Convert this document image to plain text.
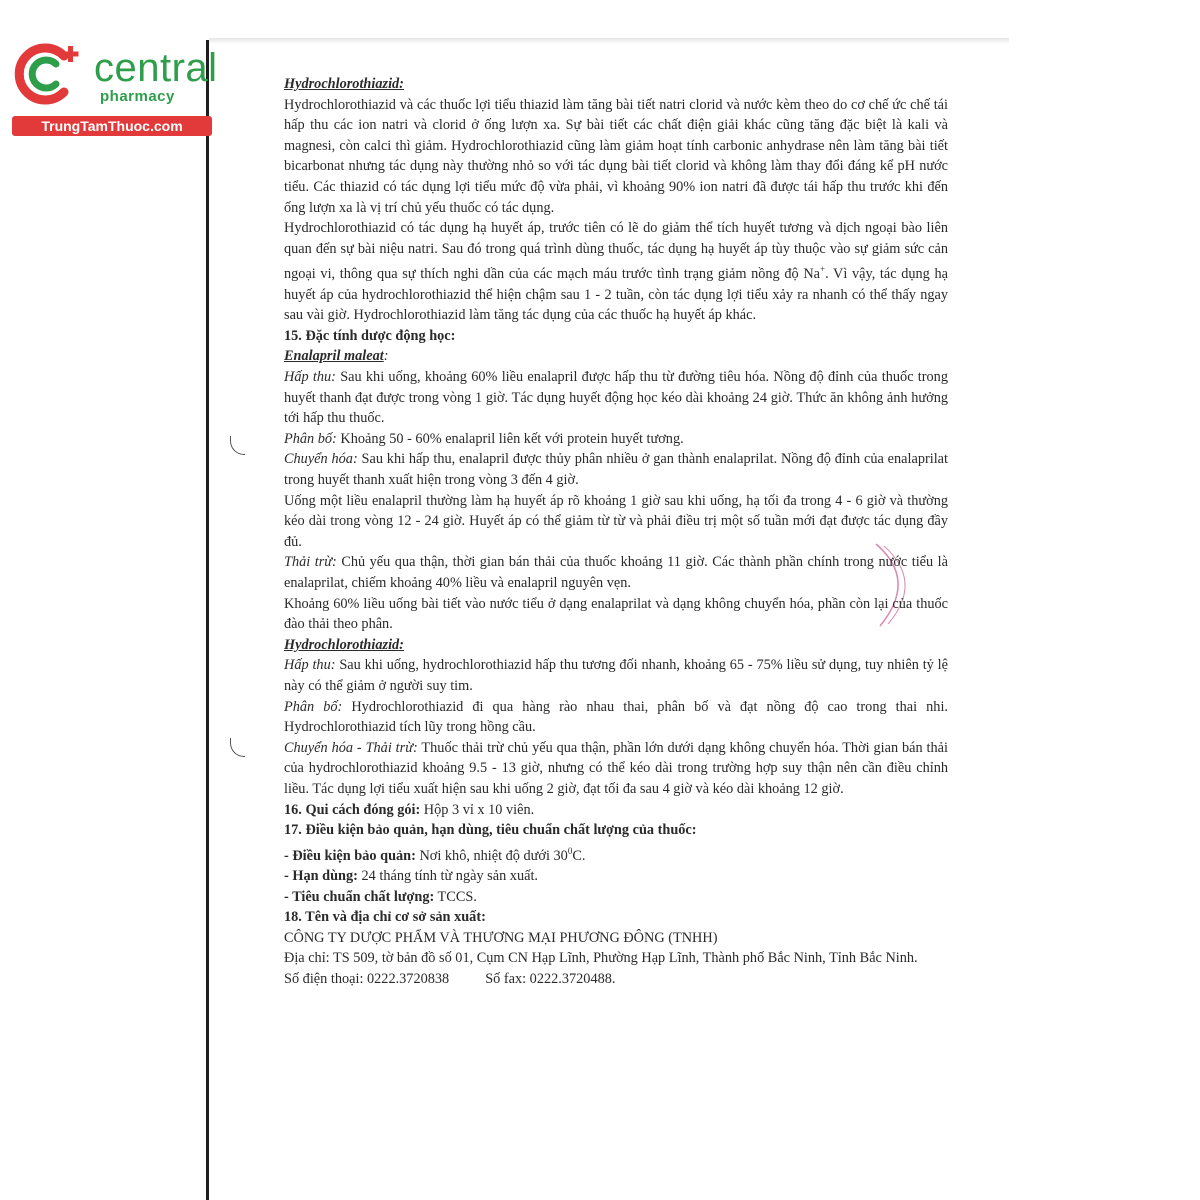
central
pharmacy
TrungTamThuoc.com

Hydrochlorothiazid:

Hydrochlorothiazid và các thuốc lợi tiểu thiazid làm tăng bài tiết natri clorid và nước kèm theo do cơ chế ức chế tái hấp thu các ion natri và clorid ở ống lượn xa. Sự bài tiết các chất điện giải khác cũng tăng đặc biệt là kali và magnesi, còn calci thì giảm. Hydrochlorothiazid cũng làm giảm hoạt tính carbonic anhydrase nên làm tăng bài tiết bicarbonat nhưng tác dụng này thường nhỏ so với tác dụng bài tiết clorid và không làm thay đổi đáng kể pH nước tiểu. Các thiazid có tác dụng lợi tiểu mức độ vừa phải, vì khoảng 90% ion natri đã được tái hấp thu trước khi đến ống lượn xa là vị trí chủ yếu thuốc có tác dụng.

Hydrochlorothiazid có tác dụng hạ huyết áp, trước tiên có lẽ do giảm thể tích huyết tương và dịch ngoại bào liên quan đến sự bài niệu natri. Sau đó trong quá trình dùng thuốc, tác dụng hạ huyết áp tùy thuộc vào sự giảm sức cản ngoại vi, thông qua sự thích nghi dần của các mạch máu trước tình trạng giảm nồng độ Na+. Vì vậy, tác dụng hạ huyết áp của hydrochlorothiazid thể hiện chậm sau 1 - 2 tuần, còn tác dụng lợi tiểu xảy ra nhanh có thể thấy ngay sau vài giờ. Hydrochlorothiazid làm tăng tác dụng của các thuốc hạ huyết áp khác.

15. Đặc tính dược động học:

Enalapril maleat:

Hấp thu: Sau khi uống, khoảng 60% liều enalapril được hấp thu từ đường tiêu hóa. Nồng độ đỉnh của thuốc trong huyết thanh đạt được trong vòng 1 giờ. Tác dụng huyết động học kéo dài khoảng 24 giờ. Thức ăn không ảnh hưởng tới hấp thu thuốc.

Phân bố: Khoảng 50 - 60% enalapril liên kết với protein huyết tương.

Chuyển hóa: Sau khi hấp thu, enalapril được thủy phân nhiều ở gan thành enalaprilat. Nồng độ đỉnh của enalaprilat trong huyết thanh xuất hiện trong vòng 3 đến 4 giờ.

Uống một liều enalapril thường làm hạ huyết áp rõ khoảng 1 giờ sau khi uống, hạ tối đa trong 4 - 6 giờ và thường kéo dài trong vòng 12 - 24 giờ. Huyết áp có thể giảm từ từ và phải điều trị một số tuần mới đạt được tác dụng đầy đủ.

Thải trừ: Chủ yếu qua thận, thời gian bán thải của thuốc khoảng 11 giờ. Các thành phần chính trong nước tiểu là enalaprilat, chiếm khoảng 40% liều và enalapril nguyên vẹn.

Khoảng 60% liều uống bài tiết vào nước tiểu ở dạng enalaprilat và dạng không chuyển hóa, phần còn lại của thuốc đào thải theo phân.

Hydrochlorothiazid:

Hấp thu: Sau khi uống, hydrochlorothiazid hấp thu tương đối nhanh, khoảng 65 - 75% liều sử dụng, tuy nhiên tỷ lệ này có thể giảm ở người suy tim.

Phân bố: Hydrochlorothiazid đi qua hàng rào nhau thai, phân bố và đạt nồng độ cao trong thai nhi. Hydrochlorothiazid tích lũy trong hồng cầu.

Chuyển hóa - Thải trừ: Thuốc thải trừ chủ yếu qua thận, phần lớn dưới dạng không chuyển hóa. Thời gian bán thải của hydrochlorothiazid khoảng 9.5 - 13 giờ, nhưng có thể kéo dài trong trường hợp suy thận nên cần điều chỉnh liều. Tác dụng lợi tiểu xuất hiện sau khi uống 2 giờ, đạt tối đa sau 4 giờ và kéo dài khoảng 12 giờ.

16. Qui cách đóng gói: Hộp 3 vỉ x 10 viên.

17. Điều kiện bảo quản, hạn dùng, tiêu chuẩn chất lượng của thuốc:

- Điều kiện bảo quản: Nơi khô, nhiệt độ dưới $30^0C$.

- Hạn dùng: 24 tháng tính từ ngày sản xuất.

- Tiêu chuẩn chất lượng: TCCS.

18. Tên và địa chỉ cơ sở sản xuất:

CÔNG TY DƯỢC PHẨM VÀ THƯƠNG MẠI PHƯƠNG ĐÔNG (TNHH)

Địa chỉ: TS 509, tờ bản đồ số 01, Cụm CN Hạp Lĩnh, Phường Hạp Lĩnh, Thành phố Bắc Ninh, Tỉnh Bắc Ninh.

Số điện thoại: 0222.3720838	Số fax: 0222.3720488.
